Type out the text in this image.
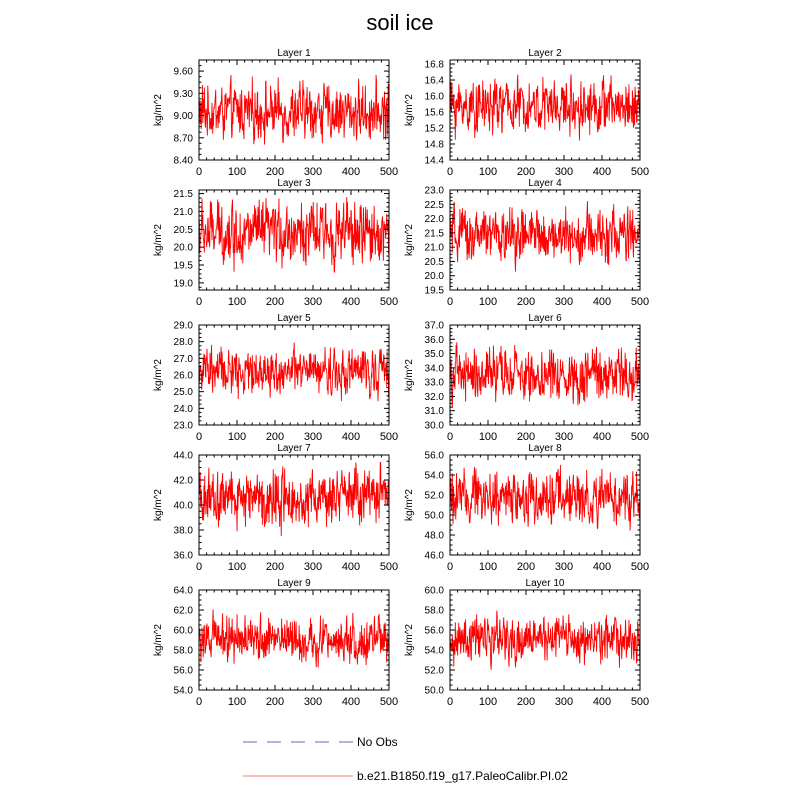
soil ice
0 100 200 300 400 500
8.40
8.70
9.00
9.30
9.60
Layer 1
kg/m^2
0 100 200 300 400 500
14.4
14.8
15.2
15.6
16.0
16.4
16.8
Layer 2
kg/m^2
0 100 200 300 400 500
19.0
19.5
20.0
20.5
21.0
21.5
Layer 3
kg/m^2
0 100 200 300 400 500
19.5
20.0
20.5
21.0
21.5
22.0
22.5
23.0
Layer 4
kg/m^2
0 100 200 300 400 500
23.0
24.0
25.0
26.0
27.0
28.0
29.0
Layer 5
kg/m^2
0 100 200 300 400 500
30.0
31.0
32.0
33.0
34.0
35.0
36.0
37.0
Layer 6
kg/m^2
0 100 200 300 400 500
36.0
38.0
40.0
42.0
44.0
Layer 7
kg/m^2
0 100 200 300 400 500
46.0
48.0
50.0
52.0
54.0
56.0
Layer 8
kg/m^2
0 100 200 300 400 500
54.0
56.0
58.0
60.0
62.0
64.0
Layer 9
kg/m^2
0 100 200 300 400 500
50.0
52.0
54.0
56.0
58.0
60.0
Layer 10
kg/m^2
No Obs
b.e21.B1850.f19_g17.PaleoCalibr.PI.02
